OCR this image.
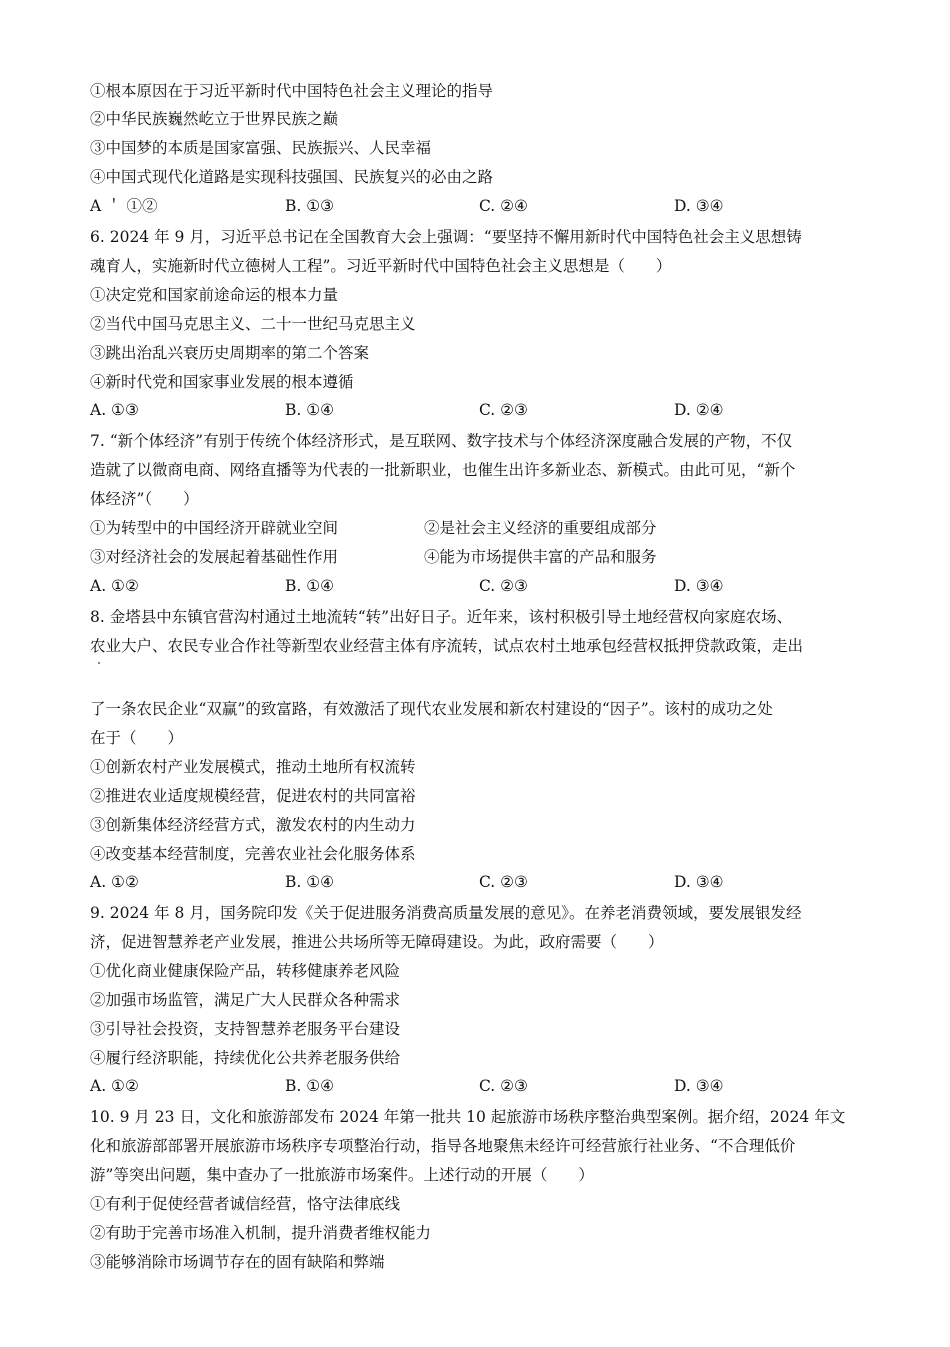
①根本原因在于习近平新时代中国特色社会主义理论的指导
②中华民族巍然屹立于世界民族之巅
③中国梦的本质是国家富强、民族振兴、人民幸福
④中国式现代化道路是实现科技强国、民族复兴的必由之路
A ＇ ①②	B. ①③	C. ②④	D. ③④
6. 2024 年 9 月，习近平总书记在全国教育大会上强调：“要坚持不懈用新时代中国特色社会主义思想铸
魂育人，实施新时代立德树人工程”。习近平新时代中国特色社会主义思想是（　　）
①决定党和国家前途命运的根本力量
②当代中国马克思主义、二十一世纪马克思主义
③跳出治乱兴衰历史周期率的第二个答案
④新时代党和国家事业发展的根本遵循
A. ①③	B. ①④	C. ②③	D. ②④
7. “新个体经济”有别于传统个体经济形式，是互联网、数字技术与个体经济深度融合发展的产物，不仅
造就了以微商电商、网络直播等为代表的一批新职业，也催生出许多新业态、新模式。由此可见，“新个
体经济”（　　）
①为转型中的中国经济开辟就业空间	②是社会主义经济的重要组成部分
③对经济社会的发展起着基础性作用	④能为市场提供丰富的产品和服务
A. ①②	B. ①④	C. ②③	D. ③④
8. 金塔县中东镇官营沟村通过土地流转“转”出好日子。近年来，该村积极引导土地经营权向家庭农场、
农业大户、农民专业合作社等新型农业经营主体有序流转，试点农村土地承包经营权抵押贷款政策，走出
了一条农民企业“双赢”的致富路，有效激活了现代农业发展和新农村建设的“因子”。该村的成功之处
在于（　　）
①创新农村产业发展模式，推动土地所有权流转
②推进农业适度规模经营，促进农村的共同富裕
③创新集体经济经营方式，激发农村的内生动力
④改变基本经营制度，完善农业社会化服务体系
A. ①②	B. ①④	C. ②③	D. ③④
9. 2024 年 8 月，国务院印发《关于促进服务消费高质量发展的意见》。在养老消费领域，要发展银发经
济，促进智慧养老产业发展，推进公共场所等无障碍建设。为此，政府需要（　　）
①优化商业健康保险产品，转移健康养老风险
②加强市场监管，满足广大人民群众各种需求
③引导社会投资，支持智慧养老服务平台建设
④履行经济职能，持续优化公共养老服务供给
A. ①②	B. ①④	C. ②③	D. ③④
10. 9 月 23 日，文化和旅游部发布 2024 年第一批共 10 起旅游市场秩序整治典型案例。据介绍，2024 年文
化和旅游部部署开展旅游市场秩序专项整治行动，指导各地聚焦未经许可经营旅行社业务、“不合理低价
游”等突出问题，集中查办了一批旅游市场案件。上述行动的开展（　　）
①有利于促使经营者诚信经营，恪守法律底线
②有助于完善市场准入机制，提升消费者维权能力
③能够消除市场调节存在的固有缺陷和弊端
